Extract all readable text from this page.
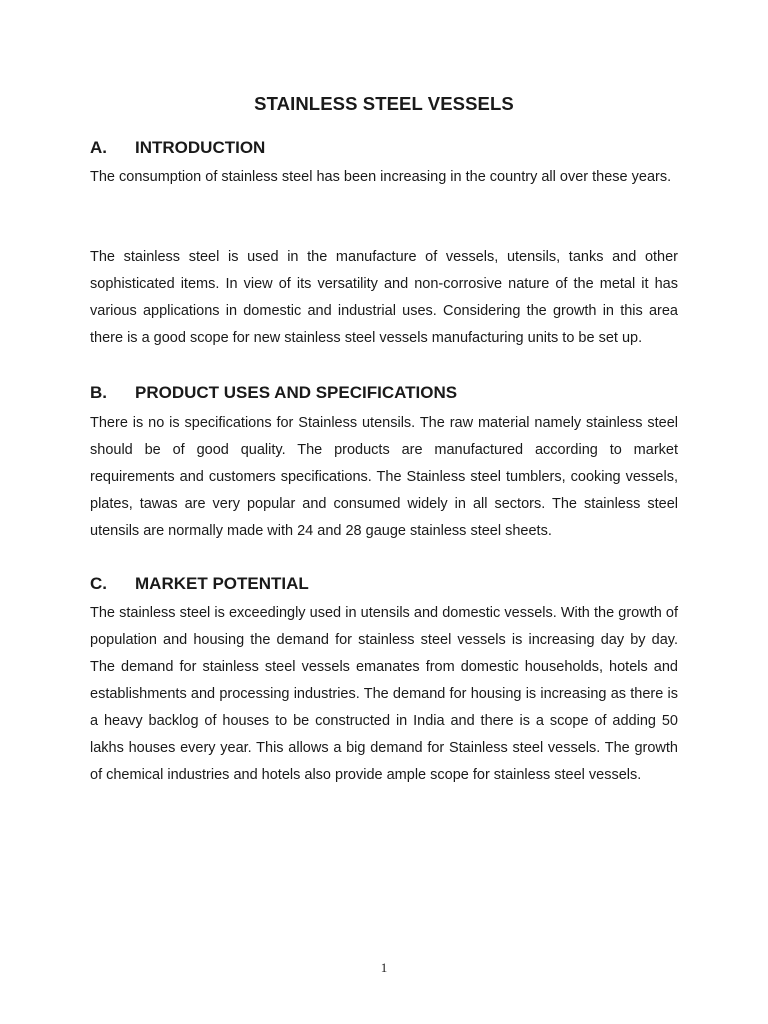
STAINLESS STEEL VESSELS
A. INTRODUCTION

The consumption of stainless steel has been increasing in the country all over these years.

The stainless steel is used in the manufacture of vessels, utensils, tanks and other sophisticated items. In view of its versatility and non-corrosive nature of the metal it has various applications in domestic and industrial uses. Considering the growth in this area there is a good scope for new stainless steel vessels manufacturing units to be set up.

B. PRODUCT USES AND SPECIFICATIONS

There is no is specifications for Stainless utensils. The raw material namely stainless steel should be of good quality. The products are manufactured according to market requirements and customers specifications. The Stainless steel tumblers, cooking vessels, plates, tawas are very popular and consumed widely in all sectors. The stainless steel utensils are normally made with 24 and 28 gauge stainless steel sheets.

C. MARKET POTENTIAL

The stainless steel is exceedingly used in utensils and domestic vessels. With the growth of population and housing the demand for stainless steel vessels is increasing day by day. The demand for stainless steel vessels emanates from domestic households, hotels and establishments and processing industries. The demand for housing is increasing as there is a heavy backlog of houses to be constructed in India and there is a scope of adding 50 lakhs houses every year. This allows a big demand for Stainless steel vessels. The growth of chemical industries and hotels also provide ample scope for stainless steel vessels.

1
